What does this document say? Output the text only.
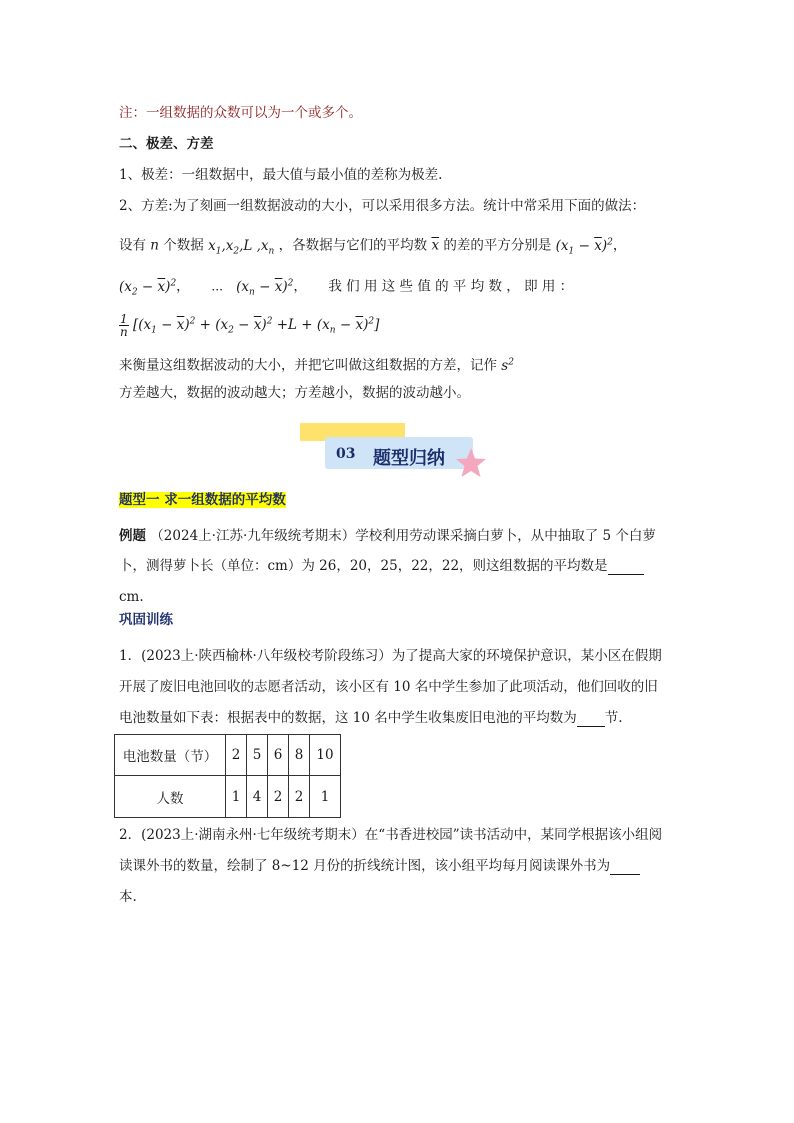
注：一组数据的众数可以为一个或多个。
二、极差、方差
1、极差：一组数据中，最大值与最小值的差称为极差.
2、方差:为了刻画一组数据波动的大小，可以采用很多方法。统计中常采用下面的做法：
设有 n 个数据 $x_1,x_2,L$ $,x_n$ ，各数据与它们的平均数 $\overline{x}$ 的差的平方分别是 $(x_1 - \overline{x})^2$，
$(x_2 - \overline{x})^2$，     ⋯   $(x_n - \overline{x})^2$，     我 们 用 这 些 值 的 平 均 数 ， 即 用 ：
$\frac{1}{n} [(x_1 - \overline{x})^2 + (x_2 - \overline{x})^2 +L + (x_n - \overline{x})^2]$
来衡量这组数据波动的大小，并把它叫做这组数据的方差，记作 $s^2$
方差越大，数据的波动越大；方差越小，数据的波动越小。
03 题型归纳
题型一 求一组数据的平均数
例题 （2024上·江苏·九年级统考期末）学校利用劳动课采摘白萝卜，从中抽取了 5 个白萝
卜，测得萝卜长（单位：cm）为 26，20，25，22，22，则这组数据的平均数是
cm.
巩固训练
1．(2023上·陕西榆林·八年级校考阶段练习）为了提高大家的环境保护意识，某小区在假期
开展了废旧电池回收的志愿者活动，该小区有 10 名中学生参加了此项活动，他们回收的旧
电池数量如下表：根据表中的数据，这 10 名中学生收集废旧电池的平均数为 节.
电池数量（节）	2	5	6	8	10
人数	1	4	2	2	1
2．(2023上·湖南永州·七年级统考期末）在“书香进校园”读书活动中，某同学根据该小组阅
读课外书的数量，绘制了 8~12 月份的折线统计图，该小组平均每月阅读课外书为
本.
